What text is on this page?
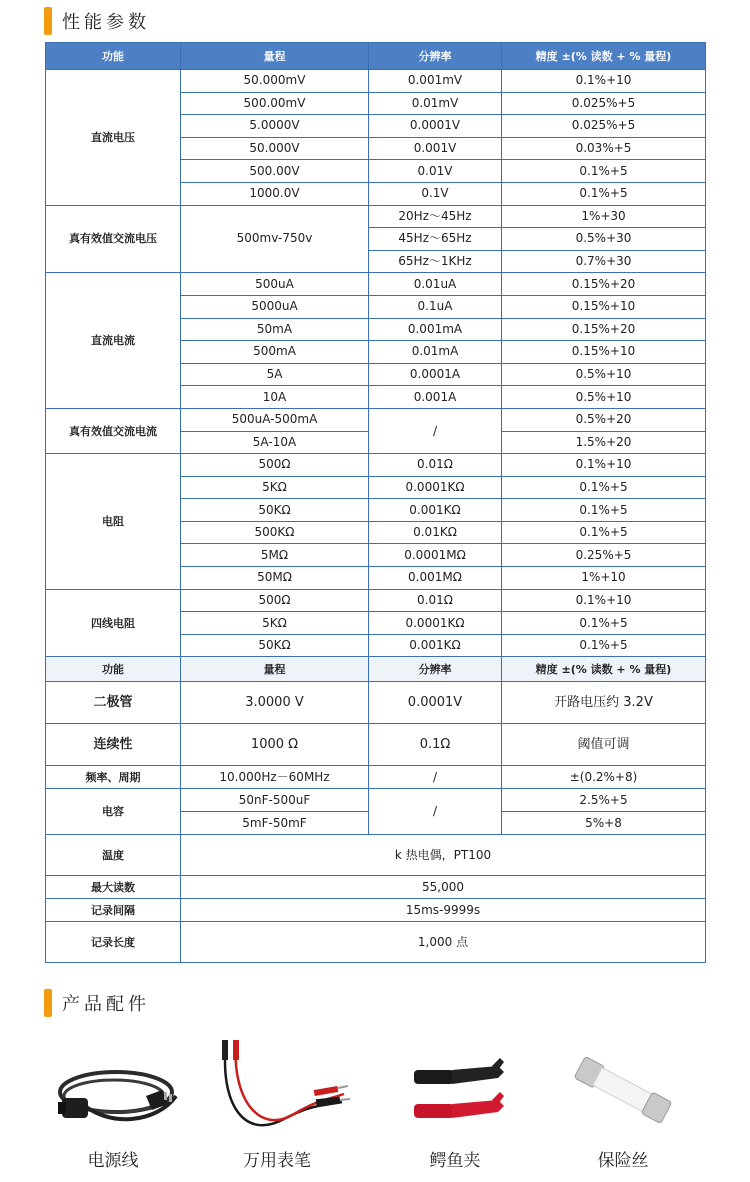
性能参数
功能	量程	分辨率	精度 ±(% 读数 + % 量程)
直流电压	50.000mV	0.001mV	0.1%+10
	500.00mV	0.01mV	0.025%+5
	5.0000V	0.0001V	0.025%+5
	50.000V	0.001V	0.03%+5
	500.00V	0.01V	0.1%+5
	1000.0V	0.1V	0.1%+5
真有效值交流电压	500mv-750v	20Hz～45Hz	1%+30
		45Hz～65Hz	0.5%+30
		65Hz～1KHz	0.7%+30
直流电流	500uA	0.01uA	0.15%+20
	5000uA	0.1uA	0.15%+10
	50mA	0.001mA	0.15%+20
	500mA	0.01mA	0.15%+10
	5A	0.0001A	0.5%+10
	10A	0.001A	0.5%+10
真有效值交流电流	500uA-500mA	/	0.5%+20
	5A-10A		1.5%+20
电阻	500Ω	0.01Ω	0.1%+10
	5KΩ	0.0001KΩ	0.1%+5
	50KΩ	0.001KΩ	0.1%+5
	500KΩ	0.01KΩ	0.1%+5
	5MΩ	0.0001MΩ	0.25%+5
	50MΩ	0.001MΩ	1%+10
四线电阻	500Ω	0.01Ω	0.1%+10
	5KΩ	0.0001KΩ	0.1%+5
	50KΩ	0.001KΩ	0.1%+5
功能	量程	分辨率	精度 ±(% 读数 + % 量程)
二极管	3.0000 V	0.0001V	开路电压约 3.2V
连续性	1000 Ω	0.1Ω	阈值可调
频率、周期	10.000Hz－60MHz	/	±(0.2%+8)
电容	50nF-500uF	/	2.5%+5
	5mF-50mF		5%+8
温度	k 热电偶，PT100		
最大读数	55,000		
记录间隔	15ms-9999s		
记录长度	1,000 点		
产品配件
电源线	万用表笔	鳄鱼夹	保险丝
